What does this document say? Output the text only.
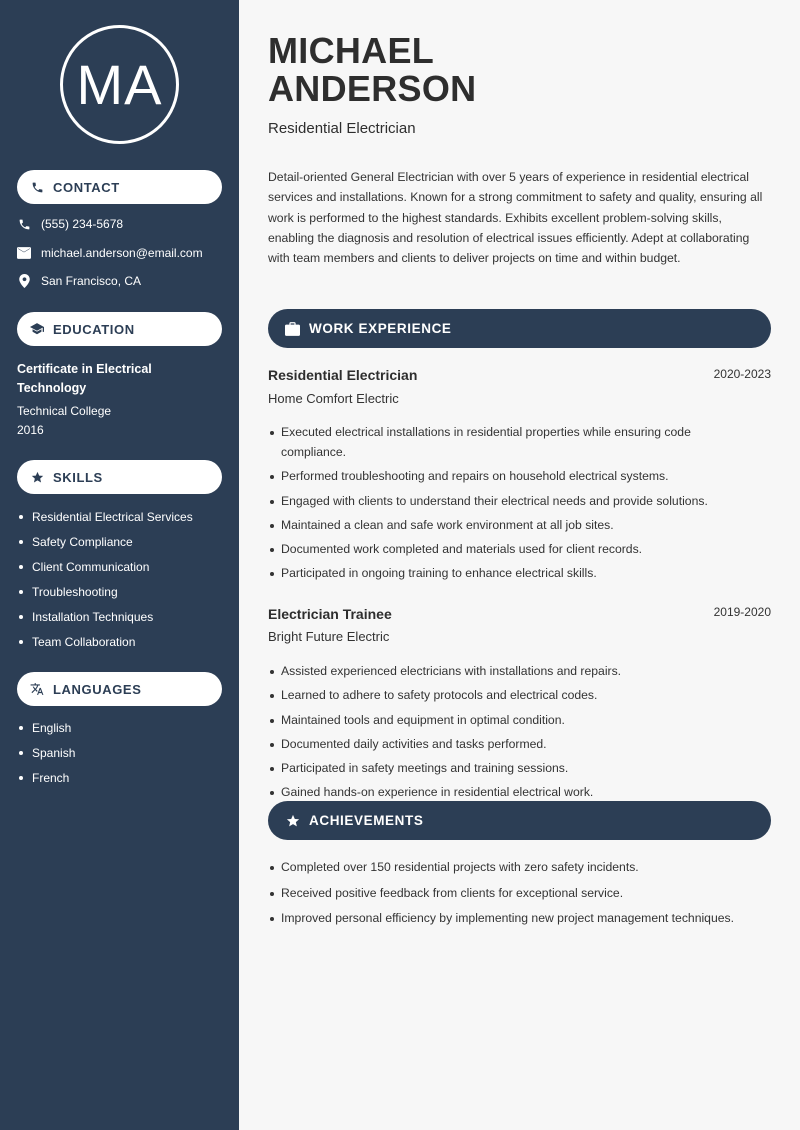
MA
CONTACT
(555) 234-5678
michael.anderson@email.com
San Francisco, CA
EDUCATION
Certificate in Electrical Technology
Technical College
2016
SKILLS
Residential Electrical Services
Safety Compliance
Client Communication
Troubleshooting
Installation Techniques
Team Collaboration
LANGUAGES
English
Spanish
French
MICHAEL
ANDERSON
Residential Electrician
Detail-oriented General Electrician with over 5 years of experience in residential electrical services and installations. Known for a strong commitment to safety and quality, ensuring all work is performed to the highest standards. Exhibits excellent problem-solving skills, enabling the diagnosis and resolution of electrical issues efficiently. Adept at collaborating with team members and clients to deliver projects on time and within budget.
WORK EXPERIENCE
Residential Electrician	2020-2023
Home Comfort Electric
Executed electrical installations in residential properties while ensuring code compliance.
Performed troubleshooting and repairs on household electrical systems.
Engaged with clients to understand their electrical needs and provide solutions.
Maintained a clean and safe work environment at all job sites.
Documented work completed and materials used for client records.
Participated in ongoing training to enhance electrical skills.
Electrician Trainee	2019-2020
Bright Future Electric
Assisted experienced electricians with installations and repairs.
Learned to adhere to safety protocols and electrical codes.
Maintained tools and equipment in optimal condition.
Documented daily activities and tasks performed.
Participated in safety meetings and training sessions.
Gained hands-on experience in residential electrical work.
ACHIEVEMENTS
Completed over 150 residential projects with zero safety incidents.
Received positive feedback from clients for exceptional service.
Improved personal efficiency by implementing new project management techniques.
